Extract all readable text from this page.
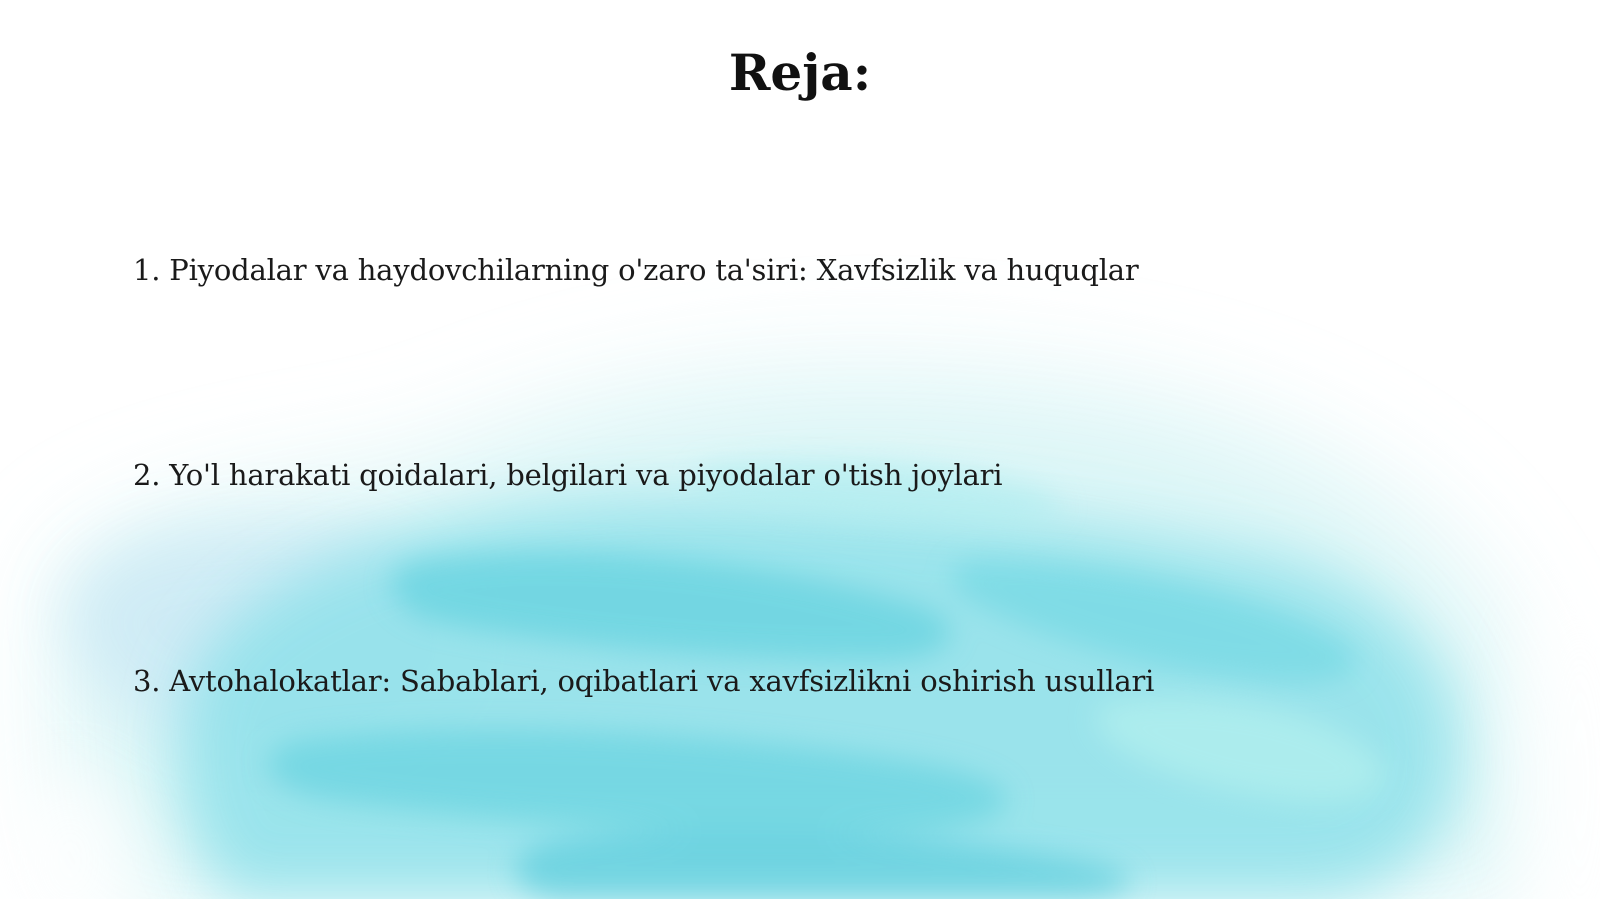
Reja:
1. Piyodalar va haydovchilarning o'zaro ta'siri: Xavfsizlik va huquqlar
2. Yo'l harakati qoidalari, belgilari va piyodalar o'tish joylari
3. Avtohalokatlar: Sabablari, oqibatlari va xavfsizlikni oshirish usullari
